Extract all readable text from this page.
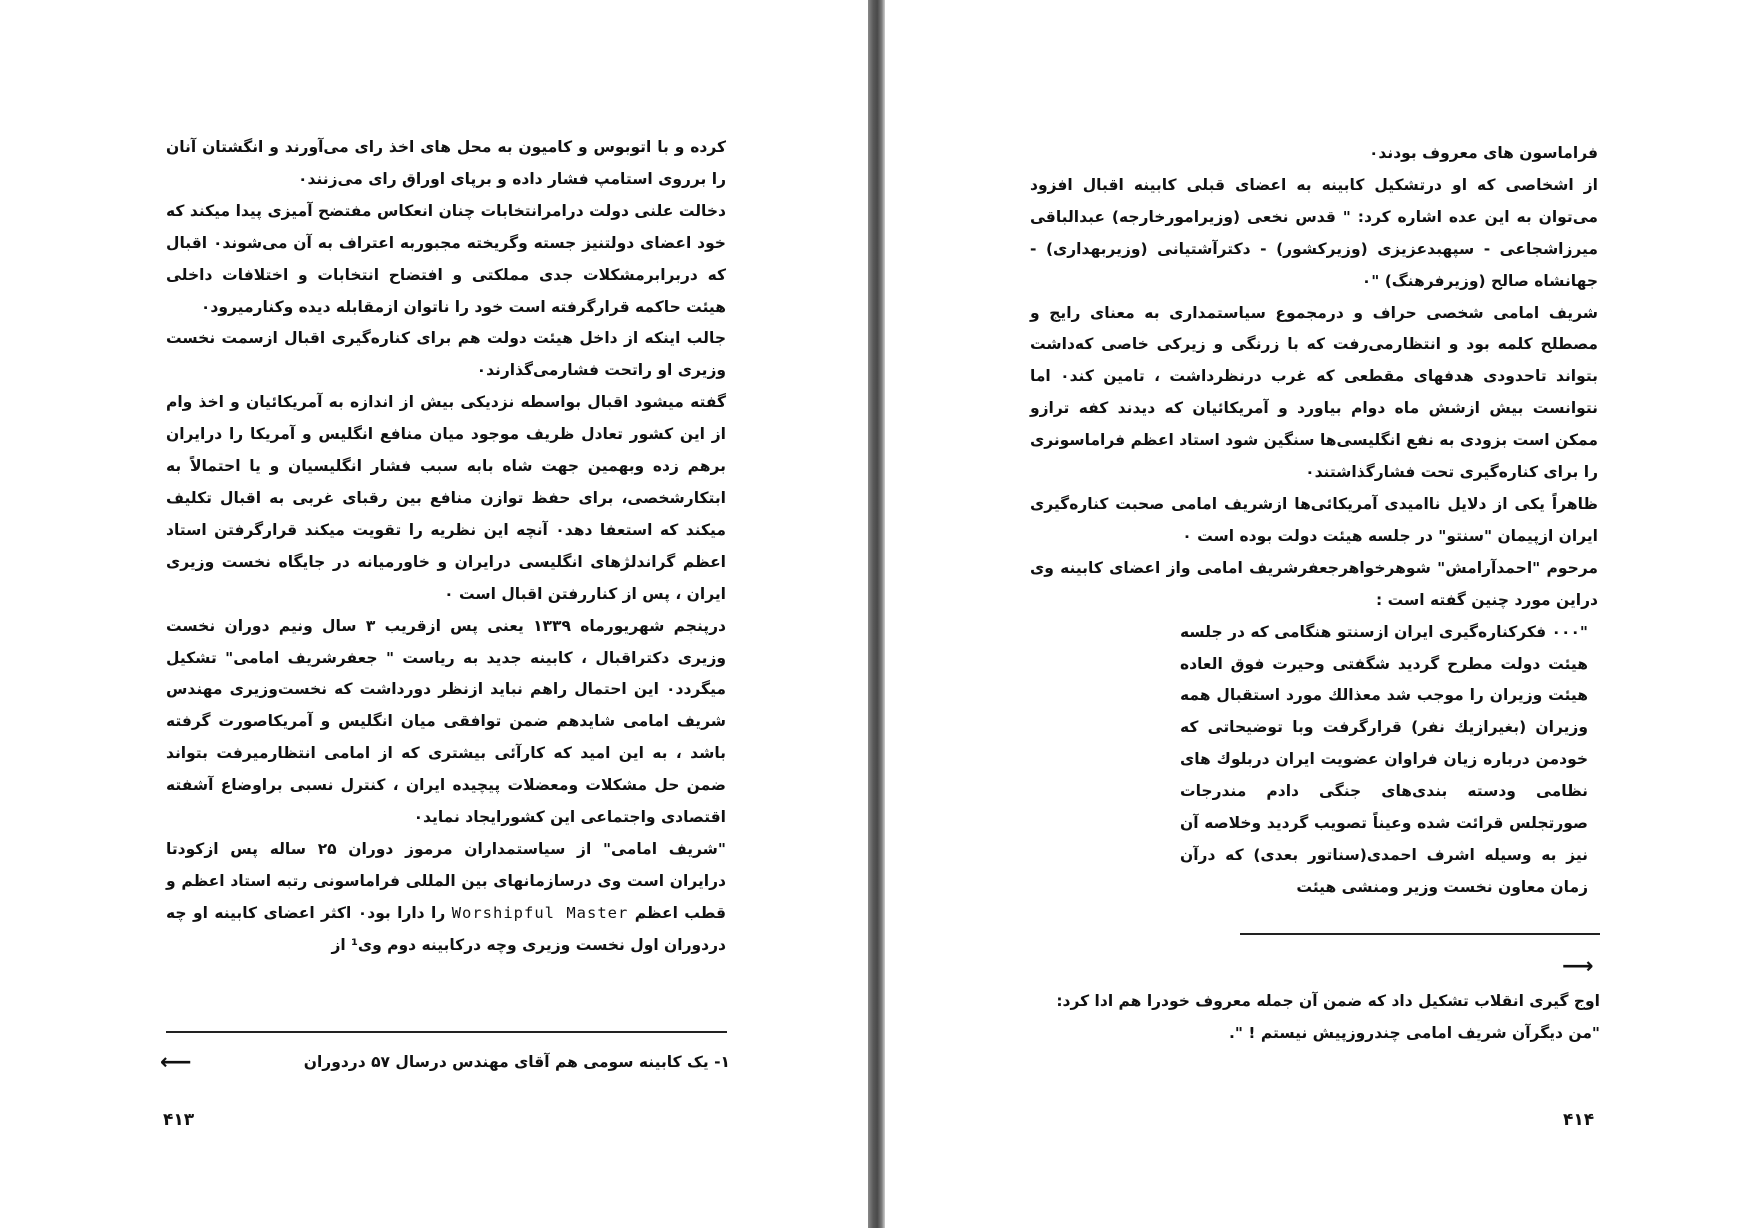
کرده و با اتوبوس و کامیون به محل های اخذ رای می‌آورند و انگشتان آنان را برروی استامپ فشار داده و برپای اوراق رای می‌زنند٠

دخالت علنی دولت درامرانتخابات چنان انعکاس مفتضح آمیزی پیدا میکند که خود اعضای دولتنیز جسته وگریخته مجبوربه اعتراف به آن می‌شوند٠ اقبال که دربرابرمشکلات جدی مملکتی و افتضاح انتخابات و اختلافات داخلی هیئت حاکمه قرارگرفته است خود را ناتوان ازمقابله دیده وکنارمیرود٠

جالب اینکه از داخل هیئت دولت هم برای کناره‌گیری اقبال ازسمت نخست وزیری او راتحت فشارمی‌گذارند٠

گفته میشود اقبال بواسطه نزدیکی بیش از اندازه به آمریکائیان و اخذ وام از این کشور تعادل ظریف موجود میان منافع انگلیس و آمریکا را درایران برهم زده وبهمین جهت شاه بابه سبب فشار انگلیسیان و یا احتمالاً به ابتکارشخصی، برای حفظ توازن منافع بین رقبای غربی به اقبال تکلیف میکند که استعفا دهد٠ آنچه این نظریه را تقویت میکند قرارگرفتن استاد اعظم گراندلژهای انگلیسی درایران و خاورمیانه در جایگاه نخست وزیری ایران ، پس از کناررفتن اقبال است ٠

درپنجم شهریورماه ۱۳۳۹ یعنی پس ازقریب ۳ سال ونیم دوران نخست وزیری دکتراقبال ، کابینه جدید به ریاست " جعفرشریف امامی" تشکیل میگردد٠ این احتمال راهم نباید ازنظر دورداشت که نخست‌وزیری مهندس شریف امامی شایدهم ضمن توافقی میان انگلیس و آمریکاصورت گرفته باشد ، به این امید که کارآئی بیشتری که از امامی انتظارمیرفت بتواند ضمن حل مشکلات ومعضلات پیچیده ایران ، کنترل نسبی براوضاع آشفته اقتصادی واجتماعی این کشورایجاد نماید٠

"شریف امامی" از سیاستمداران مرموز دوران ۲۵ ساله پس ازکودتا درایران است وی درسازمانهای بین المللی فراماسونی رتبه استاد اعظم و قطب اعظم Worshipful Master را دارا بود٠ اکثر اعضای کابینه او چه دردوران اول نخست وزیری وچه درکابینه دوم وی¹ از

۱- یک کابینه سومی هم آقای مهندس درسال ۵۷ دردوران
⟵
۴۱۳

فراماسون های معروف بودند٠

از اشخاصی که او درتشکیل کابینه به اعضای قبلی کابینه اقبال افزود می‌توان به این عده اشاره کرد: " قدس نخعی (وزیرامورخارجه) عبدالباقی میرزاشجاعی - سپهبدعزیزی (وزیرکشور) - دکترآشتیانی (وزیربهداری) - جهانشاه صالح (وزیرفرهنگ) "٠

شریف امامی شخصی حراف و درمجموع سیاستمداری به معنای رایج و مصطلح کلمه بود و انتظارمی‌رفت که با زرنگی و زیرکی خاصی که‌داشت بتواند تاحدودی هدفهای مقطعی که غرب درنظرداشت ، تامین کند٠ اما نتوانست بیش ازشش ماه دوام بیاورد و آمریکائیان که دیدند کفه ترازو ممکن است بزودی به نفع انگلیسی‌ها سنگین شود استاد اعظم فراماسونری را برای کناره‌گیری تحت فشارگذاشتند٠

ظاهراً یکی از دلایل ناامیدی آمریکائی‌ها ازشریف امامی صحبت کناره‌گیری ایران ازپیمان "سنتو" در جلسه هیئت دولت بوده است ٠

مرحوم "احمدآرامش" شوهرخواهرجعفرشریف امامی واز اعضای کابینه وی دراین مورد چنین گفته است :

"٠٠٠ فکرکناره‌گیری ایران ازسنتو هنگامی که در جلسه هیئت دولت مطرح گردید شگفتی وحیرت فوق العاده هیئت وزیران را موجب شد معذالك مورد استقبال همه وزیران (بغیرازیك نفر) قرارگرفت وبا توضیحاتی که خودمن درباره زیان فراوان عضویت ایران دربلوك های نظامی ودسته بندی‌های جنگی دادم مندرجات صورتجلس قرائت شده وعیناً تصویب گردید وخلاصه آن نیز به وسیله اشرف احمدی(سناتور بعدی) که درآن زمان معاون نخست وزیر ومنشی هیئت

⟶
اوج گیری انقلاب تشکیل داد که ضمن آن جمله معروف خودرا هم ادا کرد:
"من دیگرآن شریف امامی چندروزپیش نیستم ! ".
۴۱۴
